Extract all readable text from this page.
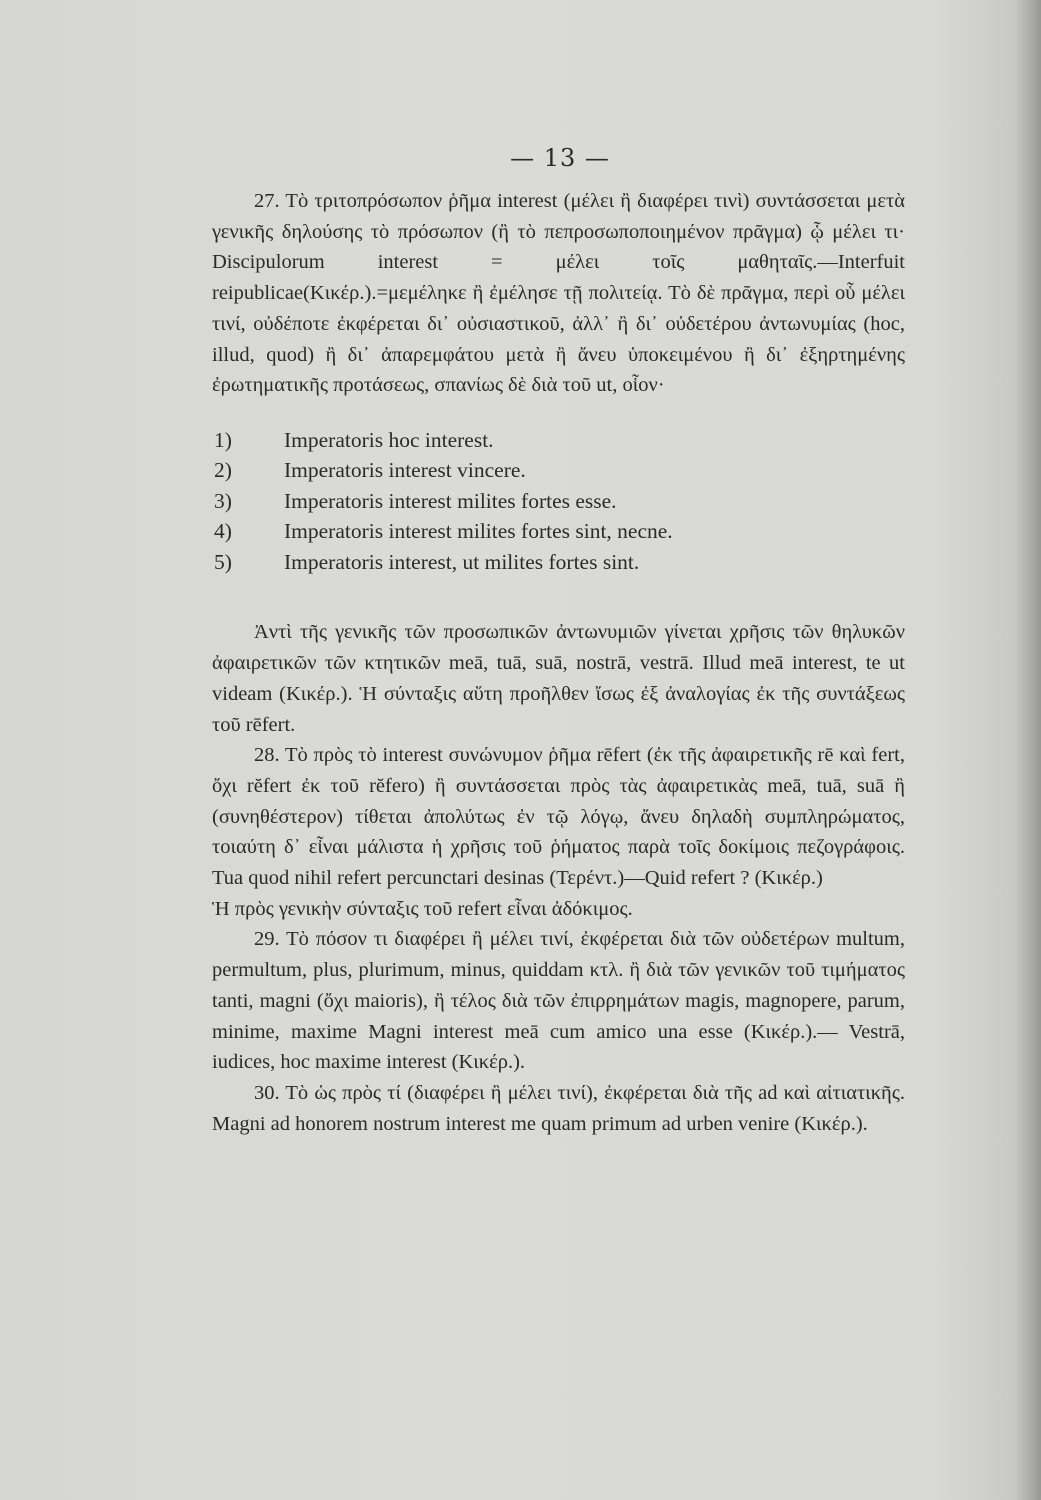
— 13 —

27. Τὸ τριτοπρόσωπον ῥῆμα interest (μέλει ἢ διαφέρει τινὶ) συντάσσεται μετὰ γενικῆς δηλούσης τὸ πρόσωπον (ἢ τὸ πεπροσωποποιημένον πρᾶγμα) ᾧ μέλει τι· Discipulorum interest = μέλει τοῖς μαθηταῖς.—Interfuit reipublicae(Κικέρ.).=μεμέληκε ἢ ἐμέλησε τῇ πολιτείᾳ. Τὸ δὲ πρᾶγμα, περὶ οὗ μέλει τινί, οὐδέποτε ἐκφέρεται δι᾽ οὐσιαστικοῦ, ἀλλ᾽ ἢ δι᾽ οὐδετέρου ἀντωνυμίας (hoc, illud, quod) ἢ δι᾽ ἀπαρεμφάτου μετὰ ἢ ἄνευ ὑποκειμένου ἢ δι᾽ ἐξηρτημένης ἐρωτηματικῆς προτάσεως, σπανίως δὲ διὰ τοῦ ut, οἷον·

1) Imperatoris hoc interest.
2) Imperatoris interest vincere.
3) Imperatoris interest milites fortes esse.
4) Imperatoris interest milites fortes sint, necne.
5) Imperatoris interest, ut milites fortes sint.

Ἀντὶ τῆς γενικῆς τῶν προσωπικῶν ἀντωνυμιῶν γίνεται χρῆσις τῶν θηλυκῶν ἀφαιρετικῶν τῶν κτητικῶν meā, tuā, suā, nostrā, vestrā. Illud meā interest, te ut videam (Κικέρ.). Ἡ σύνταξις αὕτη προῆλθεν ἴσως ἐξ ἀναλογίας ἐκ τῆς συντάξεως τοῦ rēfert.

28. Τὸ πρὸς τὸ interest συνώνυμον ῥῆμα rēfert (ἐκ τῆς ἀφαιρετικῆς rē καὶ fert, ὄχι rĕfert ἐκ τοῦ rĕfero) ἢ συντάσσεται πρὸς τὰς ἀφαιρετικὰς meā, tuā, suā ἢ (συνηθέστερον) τίθεται ἀπολύτως ἐν τῷ λόγῳ, ἄνευ δηλαδὴ συμπληρώματος, τοιαύτη δ᾽ εἶναι μάλιστα ἡ χρῆσις τοῦ ῥήματος παρὰ τοῖς δοκίμοις πεζογράφοις. Tua quod nihil refert percunctari desinas (Τερέντ.)—Quid refert ? (Κικέρ.)

Ἡ πρὸς γενικὴν σύνταξις τοῦ refert εἶναι ἀδόκιμος.

29. Τὸ πόσον τι διαφέρει ἢ μέλει τινί, ἐκφέρεται διὰ τῶν οὐδετέρων multum, permultum, plus, plurimum, minus, quiddam κτλ. ἢ διὰ τῶν γενικῶν τοῦ τιμήματος tanti, magni (ὄχι maioris), ἢ τέλος διὰ τῶν ἐπιρρημάτων magis, magnopere, parum, minime, maxime Magni interest meā cum amico una esse (Κικέρ.).— Vestrā, iudices, hoc maxime interest (Κικέρ.).

30. Τὸ ὡς πρὸς τί (διαφέρει ἢ μέλει τινί), ἐκφέρεται διὰ τῆς ad καὶ αἰτιατικῆς. Magni ad honorem nostrum interest me quam primum ad urben venire (Κικέρ.).
